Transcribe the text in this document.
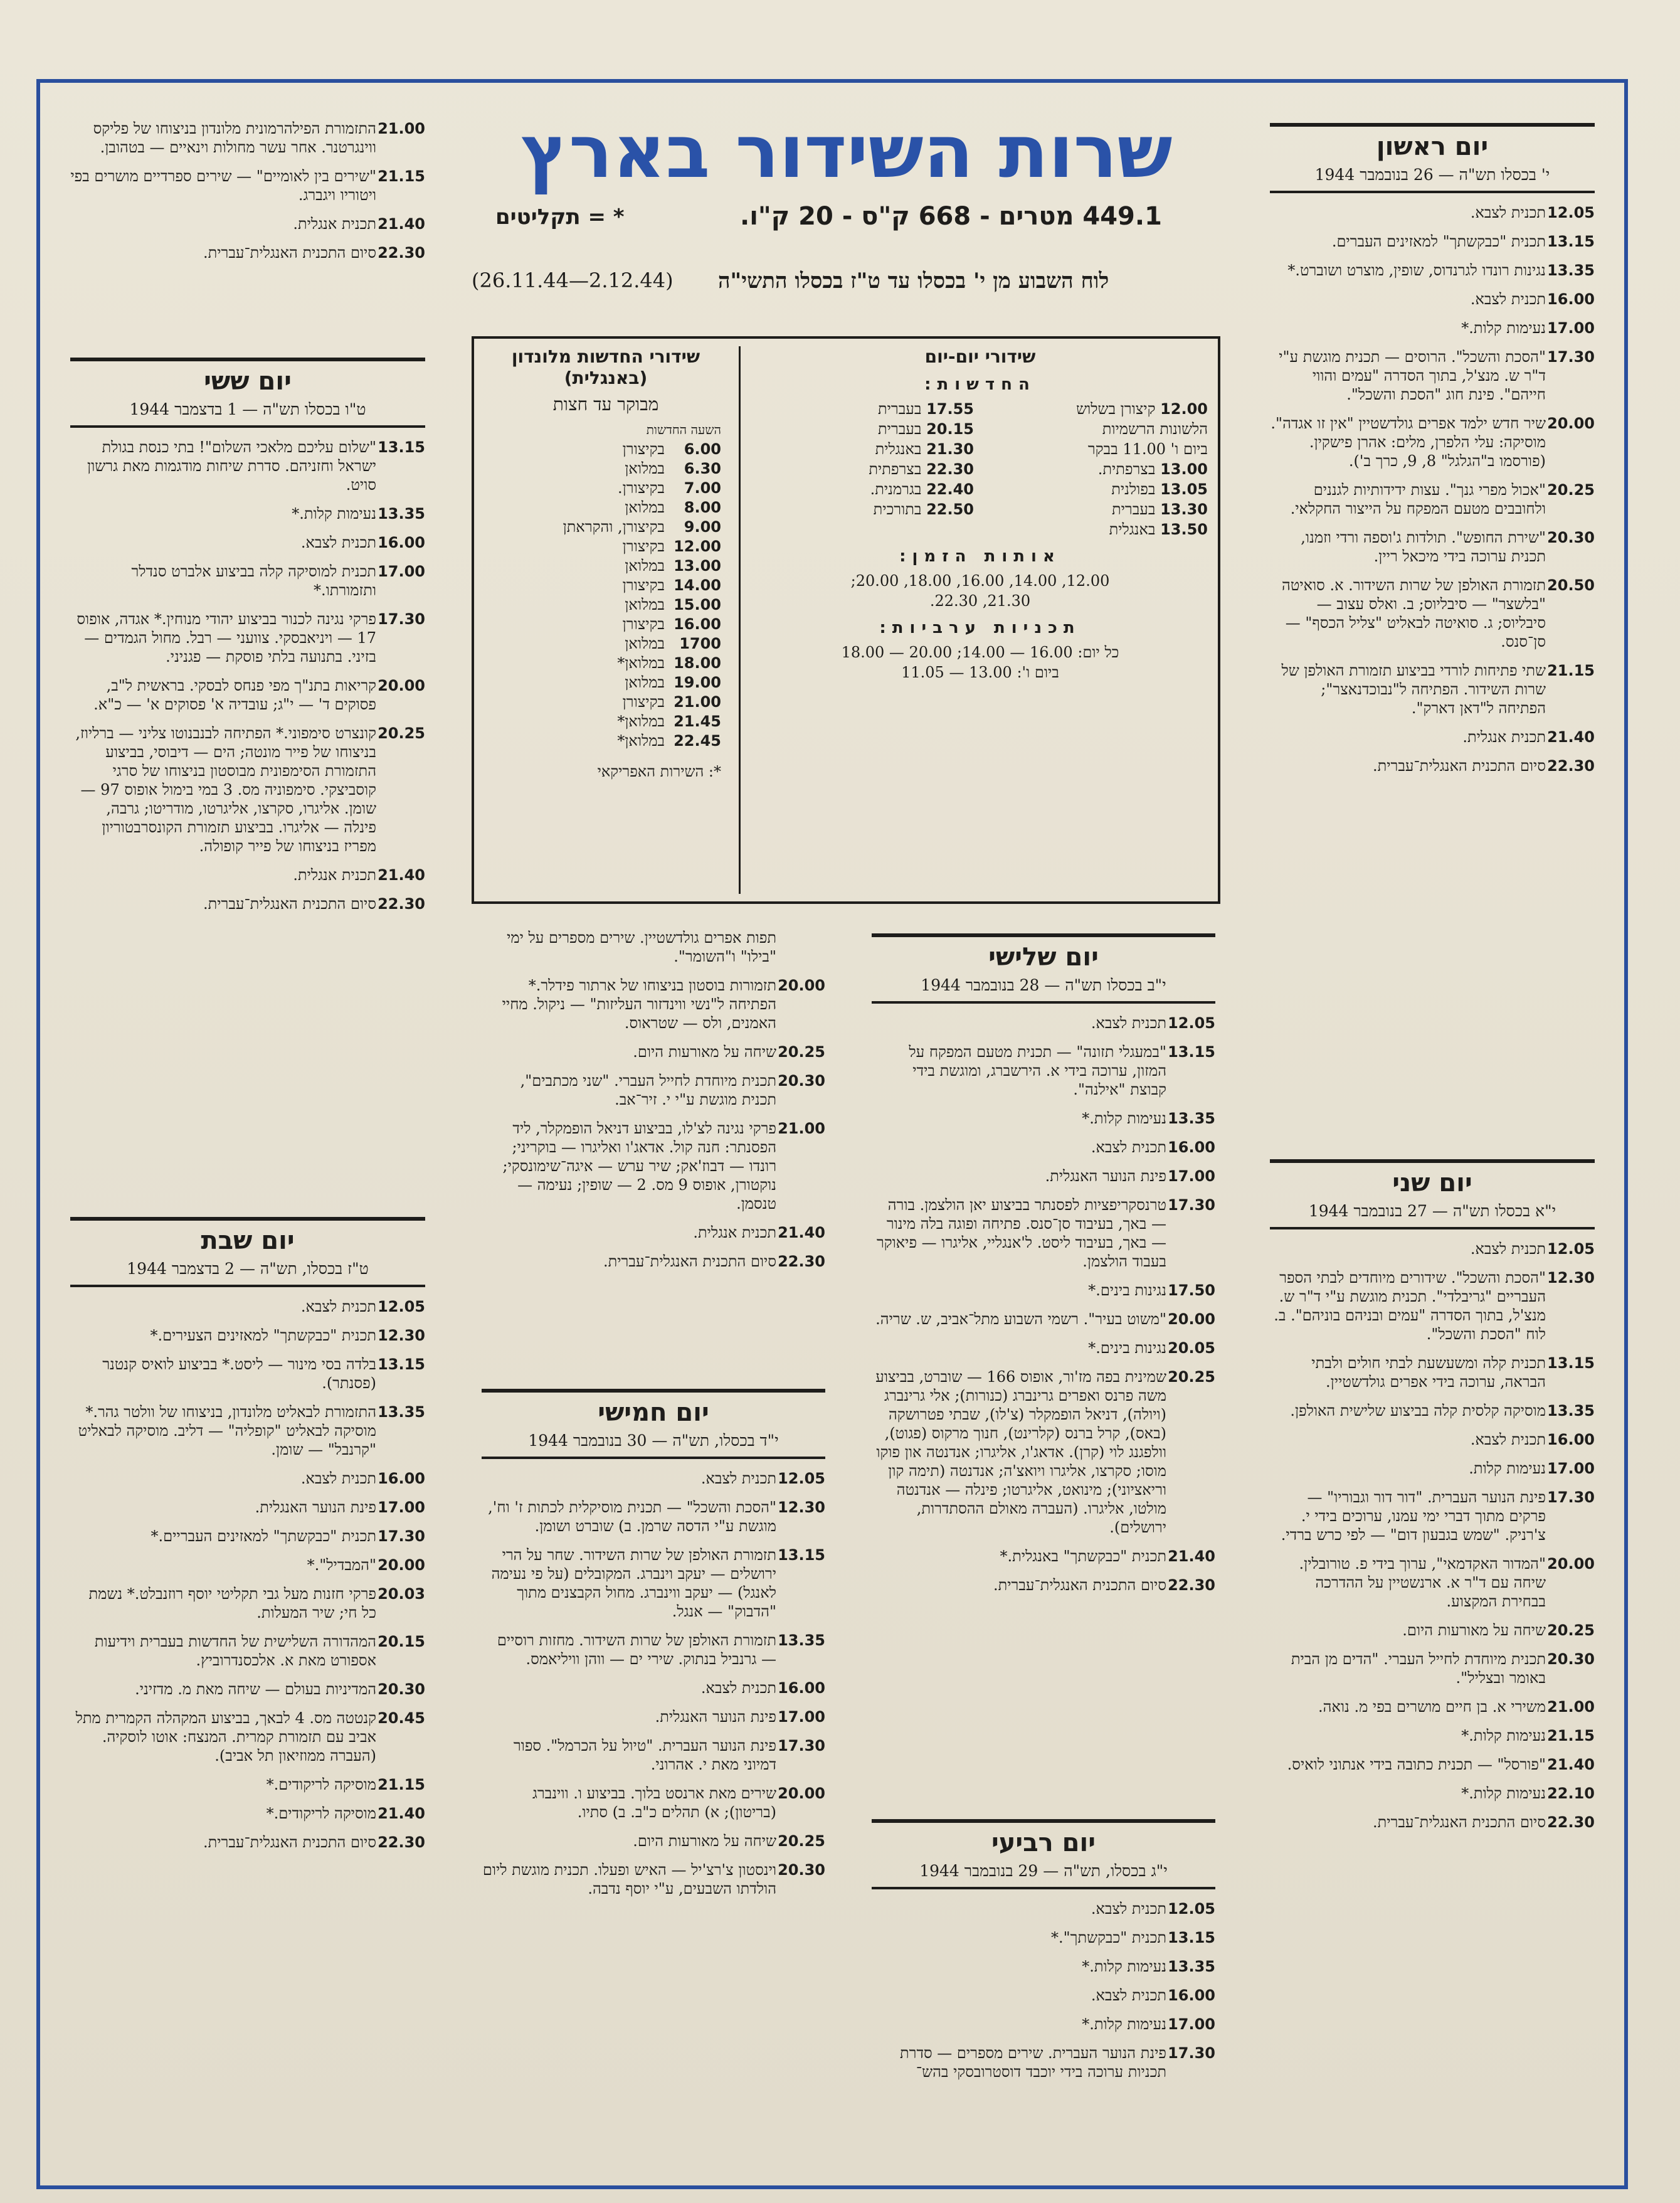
שרות השידור בארץ
449.1 מטרים - 668 ק"ס - 20 ק"ו.
* = תקליטים
לוח השבוע מן י' בכסלו עד ט"ז בכסלו התשי"ה
(26.11.44—2.12.44)
שידורי יום-יום
החדשות:
12.00 קיצורן בשלוש
17.55 בעברית
הלשונות הרשמיות
20.15 בעברית
ביום ו' 11.00 בבקר
21.30 באנגלית
13.00 בצרפתית.
22.30 בצרפתית
13.05 בפולנית
22.40 בגרמנית.
13.30 בעברית
22.50 בתורכית
13.50 באנגלית
אותות הזמן:
12.00, 14.00, 16.00, 18.00, 20.00;
21.30, 22.30.
תכניות ערביות:
כל יום: 16.00 — 14.00; 20.00 — 18.00
ביום ו': 13.00 — 11.05
שידורי החדשות מלונדון (באנגלית)
מבוקר עד חצות
השעה החדשות
6.00
בקיצורן
6.30
במלואן
7.00
בקיצורן.
8.00
במלואן
9.00
בקיצורן, והקראתן
12.00
בקיצורן
13.00
במלואן
14.00
בקיצורן
15.00
במלואן
16.00
בקיצורן
1700
במלואן
18.00
במלואן*
19.00
במלואן
21.00
בקיצורן
21.45
במלואן*
22.45
במלואן*
*: השירות האפריקאי
יום ראשון
י' בכסלו תש"ה — 26 בנובמבר 1944
12.05
תכנית לצבא.
13.15
תכנית "כבקשתך" למאזינים העברים.
13.35
נגינות רונדו לגרנדוס, שופין, מוצרט ושוברט.*
16.00
תכנית לצבא.
17.00
נעימות קלות.*
17.30
"הסכת והשכל". הרוסים — תכנית מוגשת ע"י ד"ר ש. מנצ'ל, בתוך הסדרה "עמים והווי חייהם". פינת חוג "הסכת והשכל".
20.00
שיר חדש ילמד אפרים גולדשטיין "אין זו אגדה". מוסיקה: עלי הלפרן, מלים: אהרן פישקין. (פורסמו ב"הגלגל" 8, 9, כרך ב').
20.25
"אכול מפרי גנך". עצות ידידותיות לגננים ולחובבים מטעם המפקח על הייצור החקלאי.
20.30
"שירת החופש". תולדות ג'וספה ורדי וזמנו, תכנית ערוכה בידי מיכאל ריין.
20.50
תזמורת האולפן של שרות השידור. א. סואיטה "בלשצר" — סיבליוס; ב. ואלס עצוב — סיבליוס; ג. סואיטה לבאליט "צליל הכסף" — סן־סנס.
21.15
שתי פתיחות לורדי בביצוע תזמורת האולפן של שרות השידור. הפתיחה ל"נבוכדנאצר"; הפתיחה ל"דאן דארק".
21.40
תכנית אנגלית.
22.30
סיום התכנית האנגלית־עברית.
יום שני
י"א בכסלו תש"ה — 27 בנובמבר 1944
12.05
תכנית לצבא.
12.30
"הסכת והשכל". שידורים מיוחדים לבתי הספר העבריים "גריבלדי". תכנית מוגשת ע"י ד"ר ש. מנצ'ל, בתוך הסדרה "עמים ובניהם בוניהם". ב. לוח "הסכת והשכל".
13.15
תכנית קלה ומשעשעת לבתי חולים ולבתי הבראה, ערוכה בידי אפרים גולדשטיין.
13.35
מוסיקה קלסית קלה בביצוע שלישית האולפן.
16.00
תכנית לצבא.
17.00
נעימות קלות.
17.30
פינת הנוער העברית. "דור דור וגבוריו" — פרקים מתוך דברי ימי עמנו, ערוכים בידי י. צ'רניק. "שמש בגבעון דום" — לפי כרש ברדי.
20.00
"המדור האקדמאי", ערוך בידי פ. טורובלין. שיחה עם ד"ר א. ארנשטיין על ההדרכה בבחירת המקצוע.
20.25
שיחה על מאורעות היום.
20.30
תכנית מיוחדת לחייל העברי. "הדים מן הבית באומר ובצליל".
21.00
משירי א. בן חיים מושרים בפי מ. נואה.
21.15
נעימות קלות.*
21.40
"פורסל" — תכנית כתובה בידי אנתוני לואיס.
22.10
נעימות קלות.*
22.30
סיום התכנית האנגלית־עברית.
יום שלישי
י"ב בכסלו תש"ה — 28 בנובמבר 1944
12.05
תכנית לצבא.
13.15
"במעגלי תזונה" — תכנית מטעם המפקח על המזון, ערוכה בידי א. הירשברג, ומוגשת בידי קבוצת "אילנה".
13.35
נעימות קלות.*
16.00
תכנית לצבא.
17.00
פינת הנוער האנגלית.
17.30
טרנסקריפציות לפסנתר בביצוע יאן הולצמן. בורה — באך, בעיבוד סן־סנס. פתיחה ופוגה בלה מינור — באך, בעיבוד ליסט. ל'אנגליי, אליגרו — פיאוקר בעבוד הולצמן.
17.50
נגינות בינים.*
20.00
"משוט בעיר". רשמי השבוע מתל־אביב, ש. שריה.
20.05
נגינות בינים.*
20.25
שמינית בפה מז'ור, אופוס 166 — שוברט, בביצוע משה פרנס ואפרים גרינברג (כנורות); אלי גרינברג (ויולה), דניאל הופמקלר (צ'לו), שבתי פטרושקה (באס), קרל ברנס (קלרינט), חנוך מרקוס (פגוט), וולפגנג לוי (קרן). אדאג'ו, אליגרו; אנדנטה און פוקו מוסו; סקרצו, אליגרו ויואצ'ה; אנדנטה (תימה קון וריאציוני); מינואט, אליגרטו; פינלה — אנדנטה מולטו, אליגרו. (העברה מאולם ההסתדרות, ירושלים).
21.40
תכנית "כבקשתך" באנגלית.*
22.30
סיום התכנית האנגלית־עברית.
יום רביעי
י"ג בכסלו, תש"ה — 29 בנובמבר 1944
12.05
תכנית לצבא.
13.15
תכנית "כבקשתך".*
13.35
נעימות קלות.*
16.00
תכנית לצבא.
17.00
נעימות קלות.*
17.30
פינת הנוער העברית. שירים מספרים — סדרת תכניות ערוכה בידי יוכבד דוסטרובסקי בהש־
תפות אפרים גולדשטיין. שירים מספרים על ימי "בילו" ו"השומר".
20.00
תזמורות בוסטון בניצוחו של ארתור פידלר.* הפתיחה ל"נשי ווינדזור העליזות" — ניקול. מחיי האמנים, ולס — שטראוס.
20.25
שיחה על מאורעות היום.
20.30
תכנית מיוחדת לחייל העברי. "שני מכתבים", תכנית מוגשת ע"י י. זיר־אב.
21.00
פרקי נגינה לצ'לו, בביצוע דניאל הופמקלר, ליד הפסנתר: חנה קול. אדאג'ו ואליגרו — בוקריני; רונדו — דבוז'אק; שיר ערש — איגה־שימונסקי; נוקטורן, אופוס 9 מס. 2 — שופין; נעימה — טנסמן.
21.40
תכנית אנגלית.
22.30
סיום התכנית האנגלית־עברית.
יום חמישי
י"ד בכסלו, תש"ה — 30 בנובמבר 1944
12.05
תכנית לצבא.
12.30
"הסכת והשכל" — תכנית מוסיקלית לכתות ז' וח', מוגשת ע"י הדסה שרמן. ב) שוברט ושומן.
13.15
תזמורת האולפן של שרות השידור. שחר על הרי ירושלים — יעקב וינברג. המקובלים (על פי נעימה לאנגל) — יעקב ווינברג. מחול הקבצנים מתוך "הדבוק" — אנגל.
13.35
תזמורת האולפן של שרות השידור. מחזות רוסיים — גרנביל בנתוק. שירי ים — ווהן וויליאמס.
16.00
תכנית לצבא.
17.00
פינת הנוער האנגלית.
17.30
פינת הנוער העברית. "טיול על הכרמל". ספור דמיוני מאת י. אהרוני.
20.00
שירים מאת ארנסט בלוך. בביצוע ו. ווינברג (בריטון); א) תהלים כ"ב. ב) סתיו.
20.25
שיחה על מאורעות היום.
20.30
וינסטון צ'רצ'יל — האיש ופעלו. תכנית מוגשת ליום הולדתו השבעים, ע"י יוסף נדבה.
21.00
התזמורת הפילהרמונית מלונדון בניצוחו של פליקס ווינגרטנר. אחר עשר מחולות וינאיים — בטהובן.
21.15
"שירים בין לאומיים" — שירים ספרדיים מושרים בפי ויטוריו ויגברג.
21.40
תכנית אנגלית.
22.30
סיום התכנית האנגלית־עברית.
יום ששי
ט"ו בכסלו תש"ה — 1 בדצמבר 1944
13.15
"שלום עליכם מלאכי השלום"! בתי כנסת בגולת ישראל וחזניהם. סדרת שיחות מודגמות מאת גרשון סויט.
13.35
נעימות קלות.*
16.00
תכנית לצבא.
17.00
תכנית למוסיקה קלה בביצוע אלברט סנדלר ותזמורתו.*
17.30
פרקי נגינה לכנור בביצוע יהודי מנוחין.* אגדה, אופוס 17 — ויניאבסקי. צוועני — רבל. מחול הגמדים — בזיני. בתנועה בלתי פוסקת — פגניני.
20.00
קריאות בתנ"ך מפי פנחס לבסקי. בראשית ל"ב, פסוקים ד' — י"ג; עובדיה א' פסוקים א' — כ"א.
20.25
קונצרט סימפוני.* הפתיחה לבנבנוטו צליני — ברליוז, בניצוחו של פייר מונטה; הים — דיבוסי, בביצוע התזמורת הסימפונית מבוסטון בניצוחו של סרגי קוסביצקי. סימפוניה מס. 3 במי בימול אופוס 97 — שומן. אליגרו, סקרצו, אליגרטו, מודריטו; גרבה, פינלה — אליגרו. בביצוע תזמורת הקונסרבטוריון מפריז בניצוחו של פייר קופולה.
21.40
תכנית אנגלית.
22.30
סיום התכנית האנגלית־עברית.
יום שבת
ט"ז בכסלו, תש"ה — 2 בדצמבר 1944
12.05
תכנית לצבא.
12.30
תכנית "כבקשתך" למאזינים הצעירים.*
13.15
בלדה בסי מינור — ליסט.* בביצוע לואיס קנטנר (פסנתר).
13.35
התזמורת לבאליט מלונדון, בניצוחו של וולטר גהר.* מוסיקה לבאליט "קופליה" — דליב. מוסיקה לבאליט "קרנבל" — שומן.
16.00
תכנית לצבא.
17.00
פינת הנוער האנגלית.
17.30
תכנית "כבקשתך" למאזינים העבריים.*
20.00
"המבדיל".*
20.03
פרקי חזנות מעל גבי תקליטי יוסף רוזנבלט.* נשמת כל חי; שיר המעלות.
20.15
המהדורה השלישית של החדשות בעברית וידיעות אספורט מאת א. אלכסנדרוביץ.
20.30
המדיניות בעולם — שיחה מאת מ. מדזיני.
20.45
קנטטה מס. 4 לבאך, בביצוע המקהלה הקמרית מתל אביב עם תזמורת קמרית. המנצח: אוטו לוסקיה. (העברה ממוזיאון תל אביב).
21.15
מוסיקה לריקודים.*
21.40
מוסיקה לריקודים.*
22.30
סיום התכנית האנגלית־עברית.
